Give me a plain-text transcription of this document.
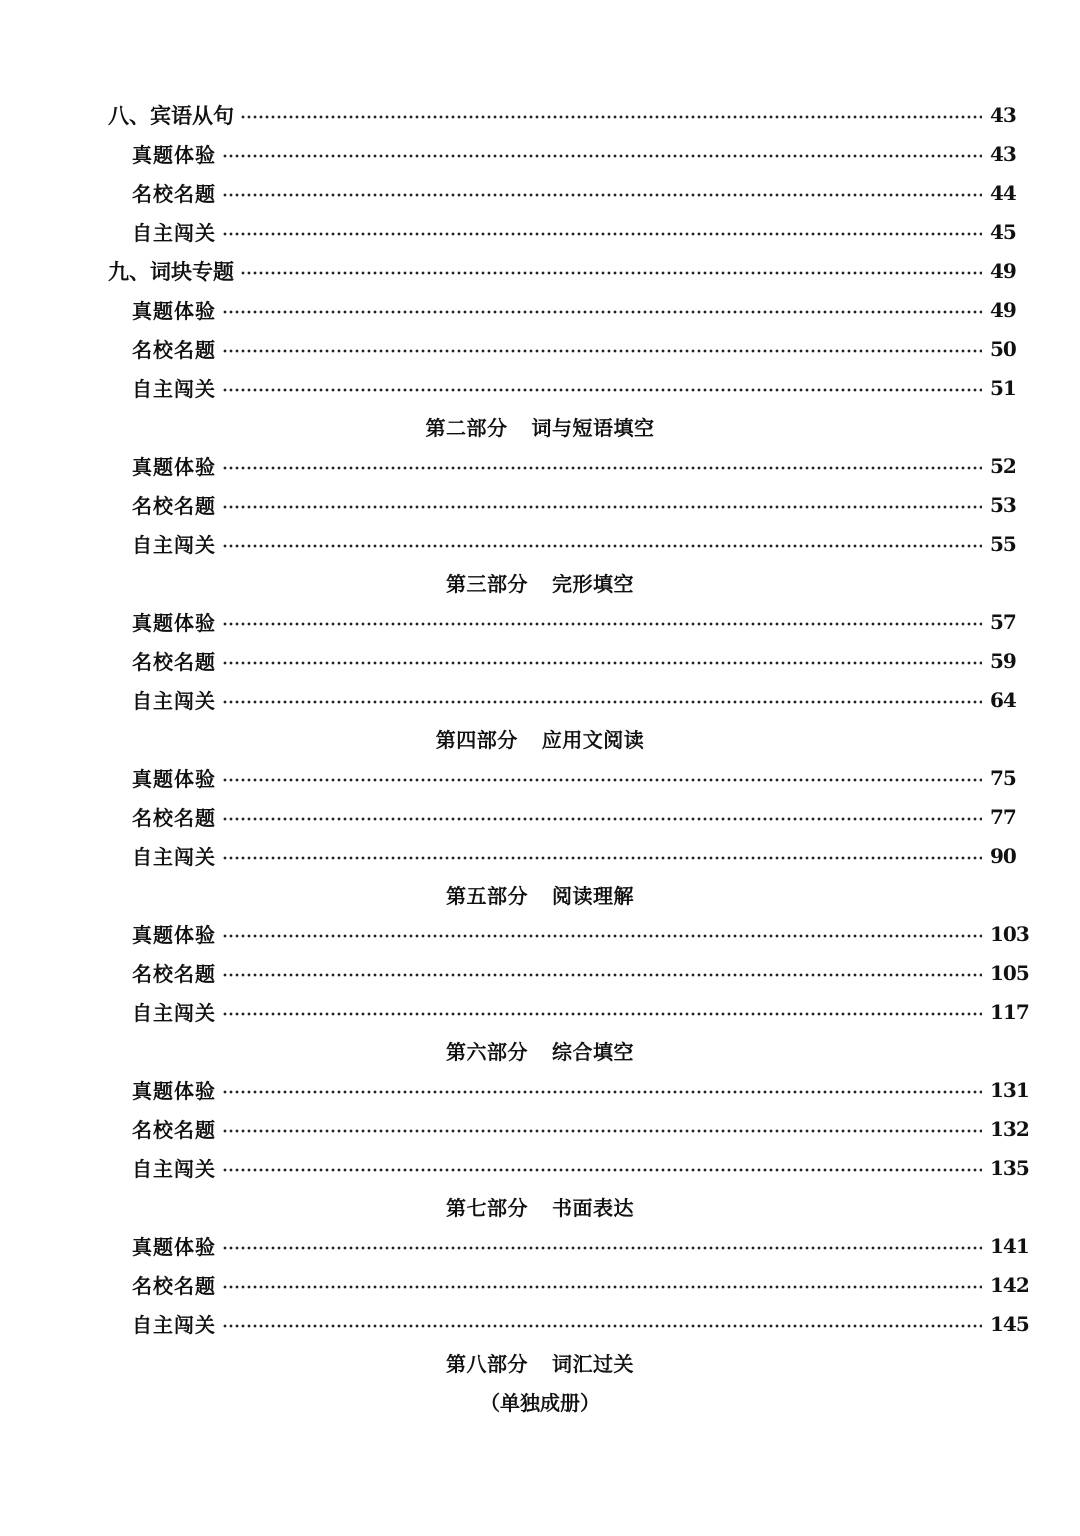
八、宾语从句	43
真题体验	43
名校名题	44
自主闯关	45
九、词块专题	49
真题体验	49
名校名题	50
自主闯关	51
第二部分 词与短语填空
真题体验	52
名校名题	53
自主闯关	55
第三部分 完形填空
真题体验	57
名校名题	59
自主闯关	64
第四部分 应用文阅读
真题体验	75
名校名题	77
自主闯关	90
第五部分 阅读理解
真题体验	103
名校名题	105
自主闯关	117
第六部分 综合填空
真题体验	131
名校名题	132
自主闯关	135
第七部分 书面表达
真题体验	141
名校名题	142
自主闯关	145
第八部分 词汇过关
（单独成册）
